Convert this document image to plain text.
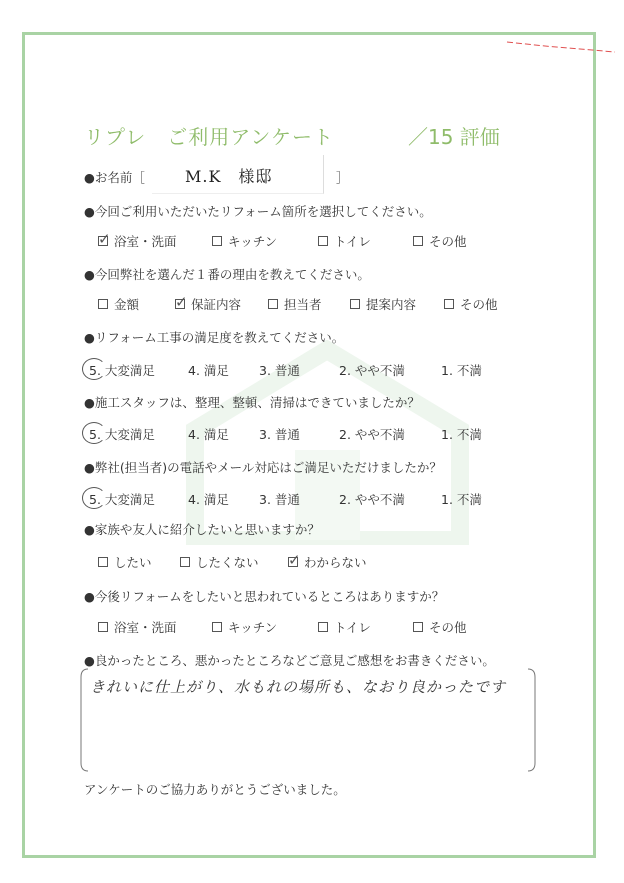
リプレ　ご利用アンケート	／15 評価
●お名前［	M.K　様邸	］
●今回ご利用いただいたリフォーム箇所を選択してください。
✓ 浴室・洗面	キッチン	トイレ	その他
●今回弊社を選んだ１番の理由を教えてください。
金額 ✓ 保証内容	担当者	提案内容	その他
●リフォーム工事の満足度を教えてください。
5. 大変満足	4. 満足 3. 普通	2. やや不満	1. 不満
●施工スタッフは、整理、整頓、清掃はできていましたか？
5. 大変満足	4. 満足 3. 普通	2. やや不満	1. 不満
●弊社(担当者)の電話やメール対応はご満足いただけましたか？
5. 大変満足	4. 満足 3. 普通	2. やや不満	1. 不満
●家族や友人に紹介したいと思いますか？
したい	したくない ✓ わからない
●今後リフォームをしたいと思われているところはありますか？
浴室・洗面	キッチン	トイレ	その他
●良かったところ、悪かったところなどご意見ご感想をお書きください。
きれいに仕上がり、水もれの場所も、なおり良かったです
アンケートのご協力ありがとうございました。
